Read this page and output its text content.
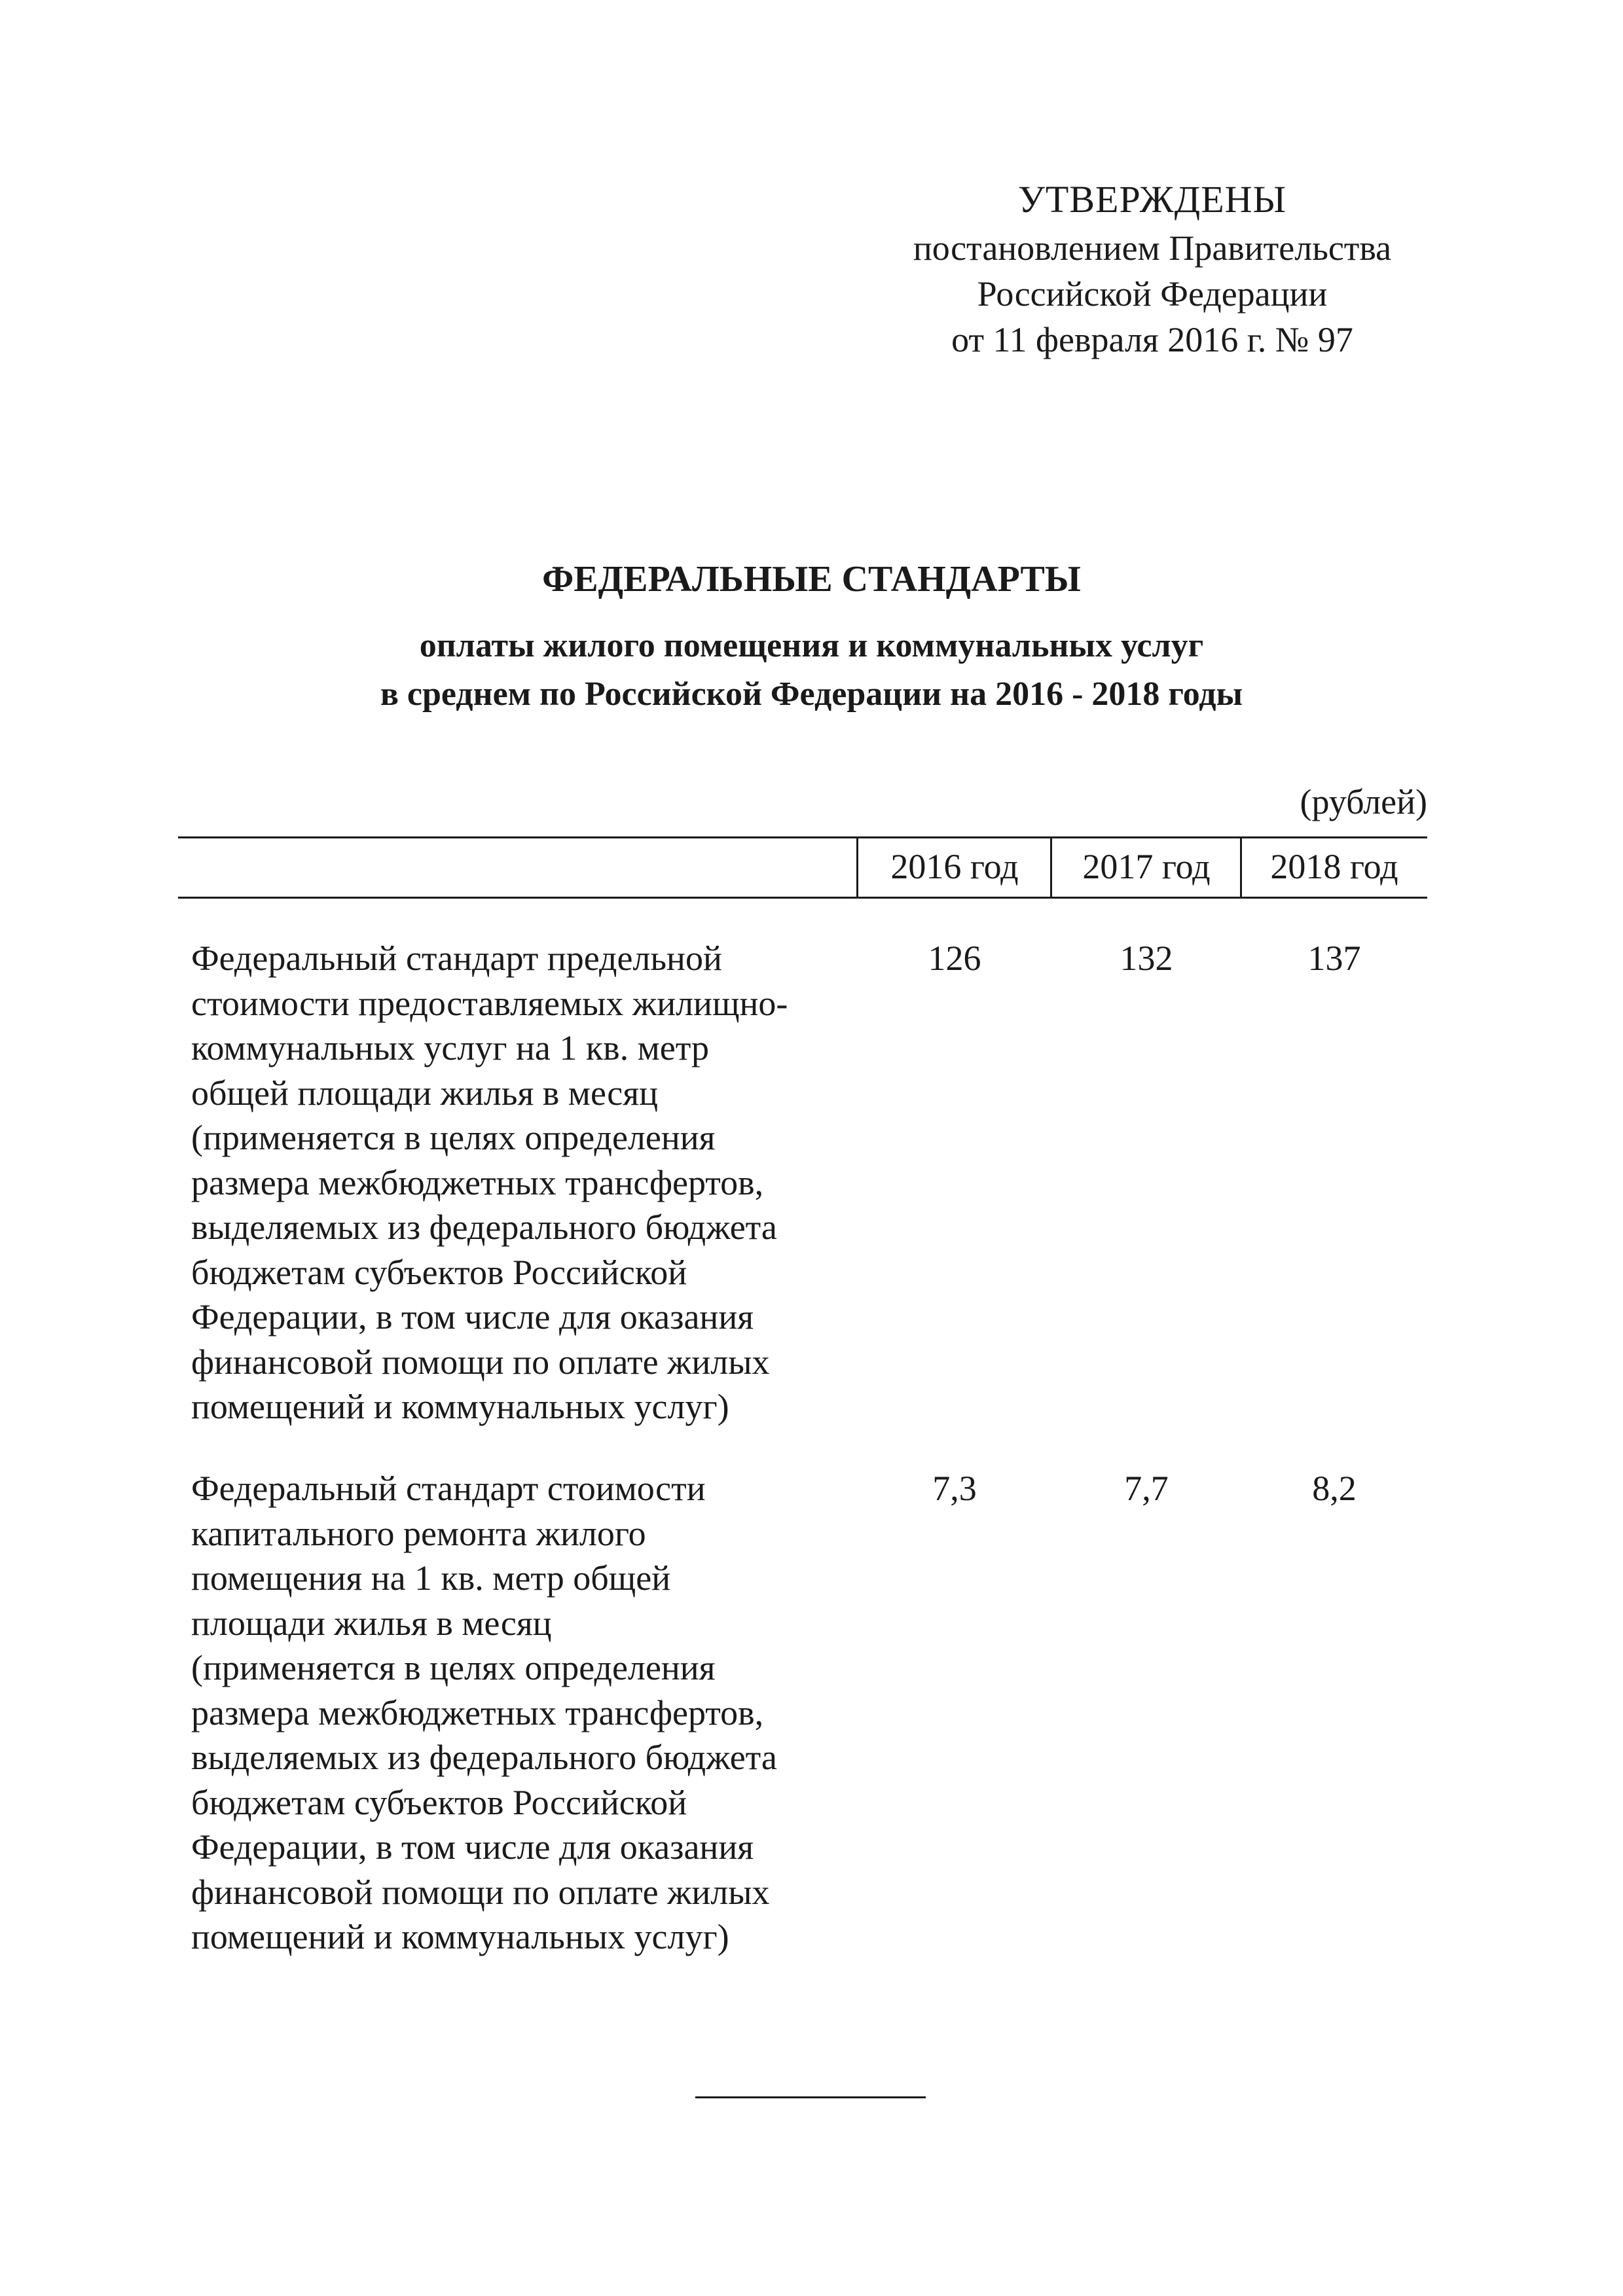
УТВЕРЖДЕНЫ
постановлением Правительства
Российской Федерации
от 11 февраля 2016 г. № 97
ФЕДЕРАЛЬНЫЕ СТАНДАРТЫ
оплаты жилого помещения и коммунальных услуг
в среднем по Российской Федерации на 2016 - 2018 годы
(рублей)
2016 год	2017 год	2018 год
Федеральный стандарт предельной
стоимости предоставляемых жилищно-
коммунальных услуг на 1 кв. метр
общей площади жилья в месяц
(применяется в целях определения
размера межбюджетных трансфертов,
выделяемых из федерального бюджета
бюджетам субъектов Российской
Федерации, в том числе для оказания
финансовой помощи по оплате жилых
помещений и коммунальных услуг)
126	132	137
Федеральный стандарт стоимости
капитального ремонта жилого
помещения на 1 кв. метр общей
площади жилья в месяц
(применяется в целях определения
размера межбюджетных трансфертов,
выделяемых из федерального бюджета
бюджетам субъектов Российской
Федерации, в том числе для оказания
финансовой помощи по оплате жилых
помещений и коммунальных услуг)
7,3	7,7	8,2
